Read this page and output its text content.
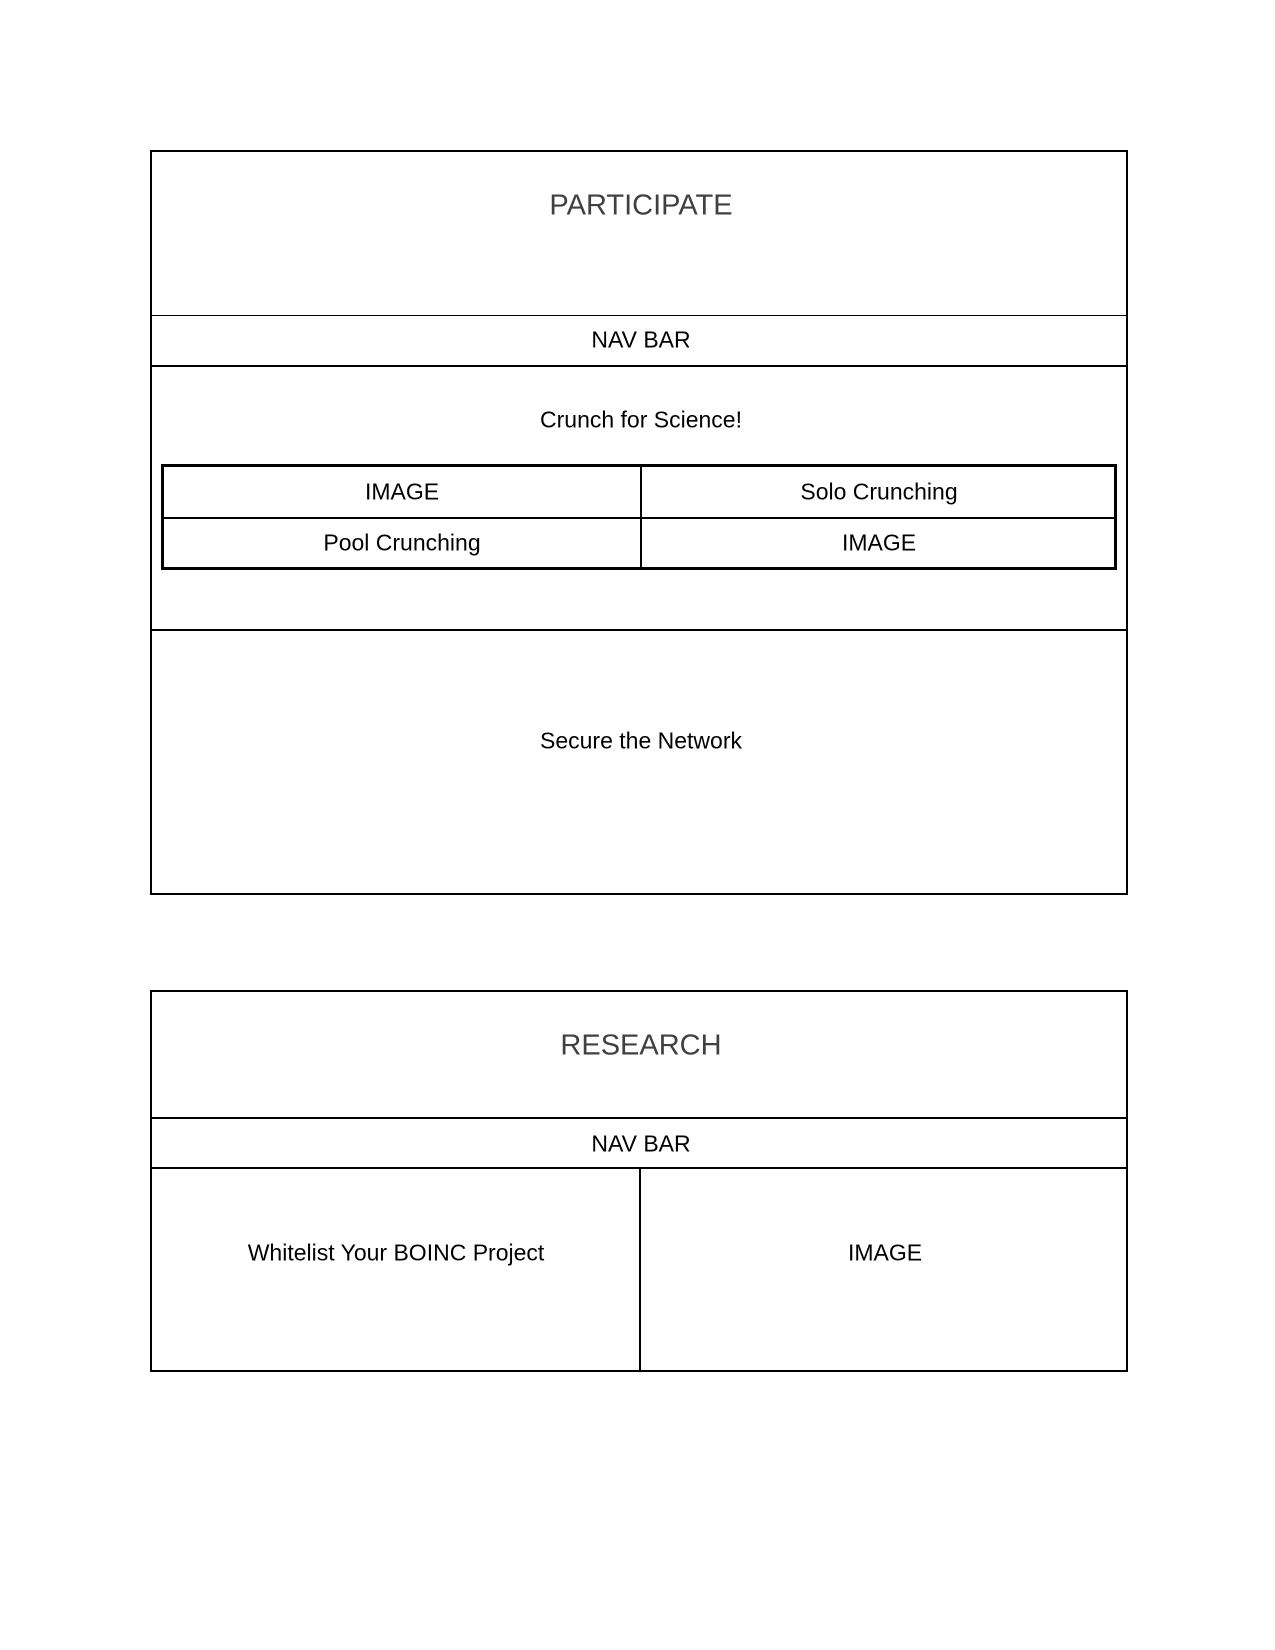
PARTICIPATE
NAV BAR
Crunch for Science!
IMAGE	Solo Crunching
Pool Crunching	IMAGE
Secure the Network
RESEARCH
NAV BAR
Whitelist Your BOINC Project	IMAGE
